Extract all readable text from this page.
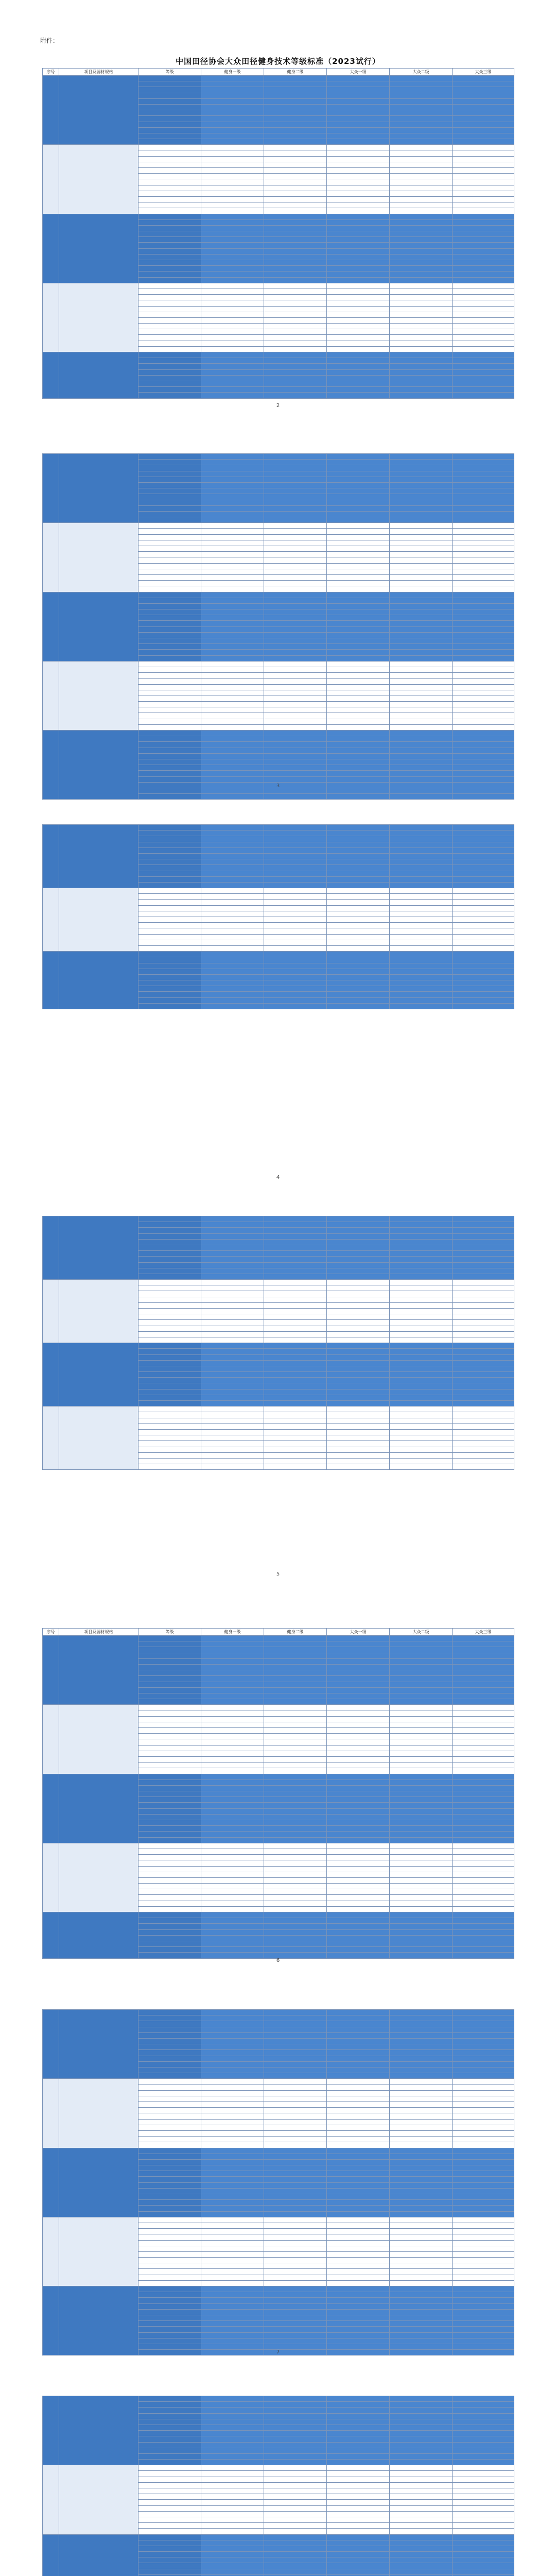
附件：
中国田径协会大众田径健身技术等级标准（2023试行）
序号	项目及器材规格	等级	健身一级	健身二级	大众一级	大众二级	大众三级

序号	项目及器材规格	等级	健身一级	健身二级	大众一级	大众二级	大众三级

2
3
4
5
6
7
